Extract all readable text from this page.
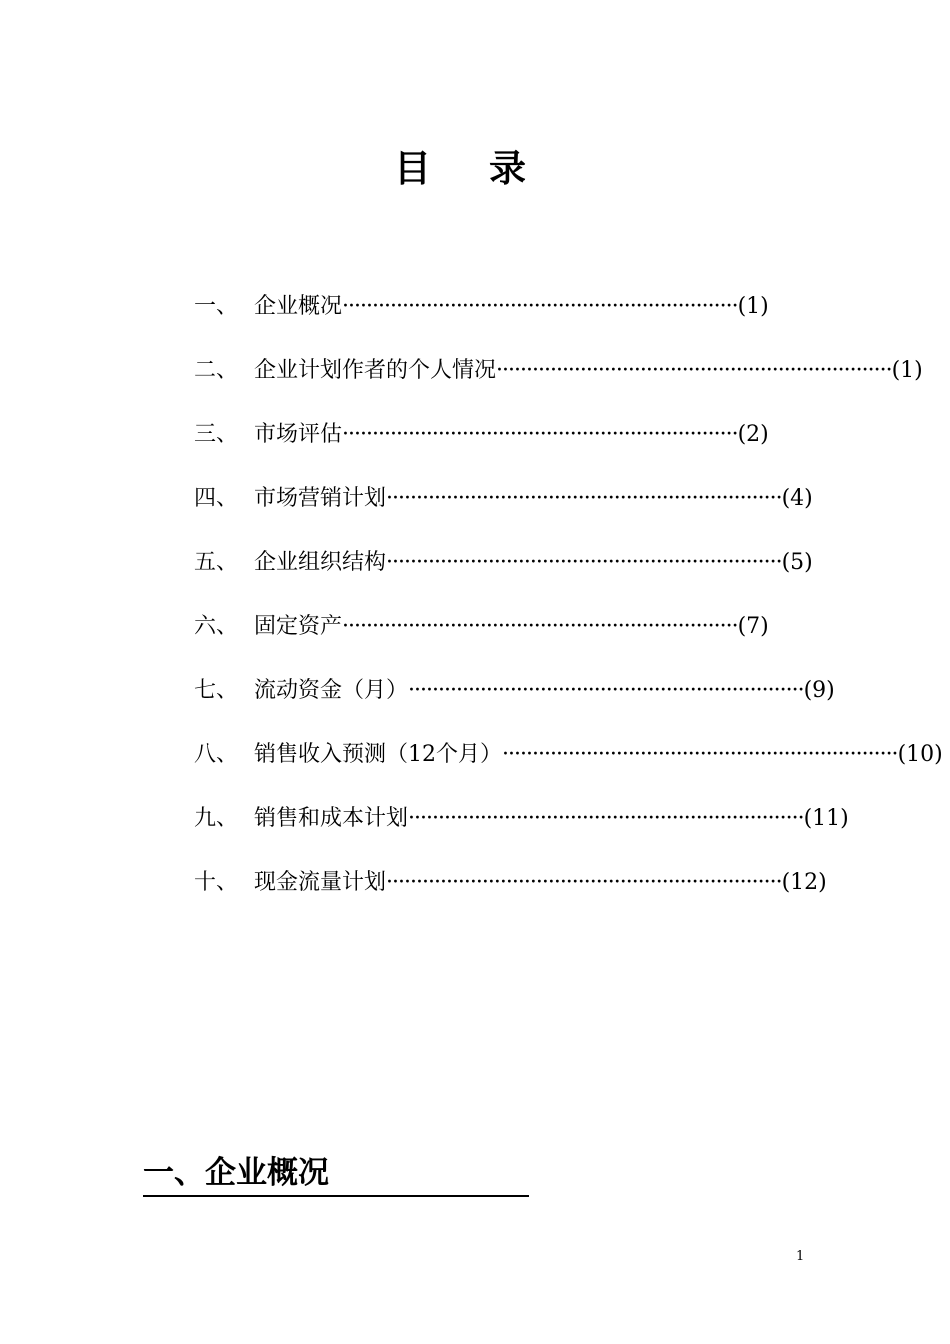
目录
一、 企业概况 ·································································· (1)
二、 企业计划作者的个人情况 ·································································· (1)
三、 市场评估 ·································································· (2)
四、 市场营销计划 ·································································· (4)
五、 企业组织结构 ·································································· (5)
六、 固定资产 ·································································· (7)
七、 流动资金（月） ·································································· (9)
八、 销售收入预测（12个月） ·································································· (10)
九、 销售和成本计划 ·································································· (11)
十、 现金流量计划 ·································································· (12)
一、企业概况
1
